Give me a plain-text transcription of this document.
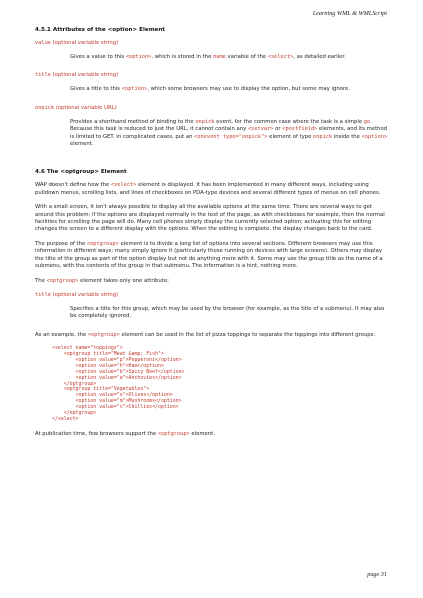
Learning WML & WMLScript
4.5.1 Attributes of the <option> Element
value (optional variable string)
Gives a value to this <option>, which is stored in the name variable of the <select>, as detailed earlier.
title (optional variable string)
Gives a title to this <option>, which some browsers may use to display the option, but some may ignore.
onpick (optional variable URL)
Provides a shorthand method of binding to the onpick event, for the common case where the task is a simple go. Because this task is reduced to just the URL, it cannot contain any <setvar> or <postfield> elements, and its method is limited to GET. In complicated cases, put an <onevent type="onpick"> element of type onpick inside the <option> element.
4.6 The <optgroup> Element

WAP doesn't define how the <select> element is displayed. It has been implemented in many different ways, including using pulldown menus, scrolling lists, and lines of checkboxes on PDA-type devices and several different types of menus on cell phones.

With a small screen, it isn't always possible to display all the available options at the same time. There are several ways to get around this problem: if the options are displayed normally in the text of the page, as with checkboxes for example, then the normal facilities for scrolling the page will do. Many cell phones simply display the currently selected option; activating this for editing changes the screen to a different display with the options. When the editing is complete, the display changes back to the card.

The purpose of the <optgroup> element is to divide a long list of options into several sections. Different browsers may use this information in different ways: many simply ignore it (particularly those running on devices with large screens). Others may display the title of the group as part of the option display but not do anything more with it. Some may use the group title as the name of a submenu, with the contents of the group in that submenu. The information is a hint, nothing more.

The <optgroup> element takes only one attribute:

title (optional variable string)
Specifies a title for this group, which may be used by the browser (for example, as the title of a submenu). It may also be completely ignored.

As an example, the <optgroup> element can be used in the list of pizza toppings to separate the toppings into different groups:

<select name="toppings">
<optgroup title="Meat &amp; Fish">
<option value="p">Pepperoni</option>
<option value="h">Ham</option>
<option value="b">Spicy Beef</option>
<option value="a">Anchovies</option>
</optgroup>
<optgroup title="Vegetables">
<option value="o">Olives</option>
<option value="m">Mushrooms</option>
<option value="c">Chillies</option>
</optgroup>
</select>

At publication time, few browsers support the <optgroup> element.

page 31
